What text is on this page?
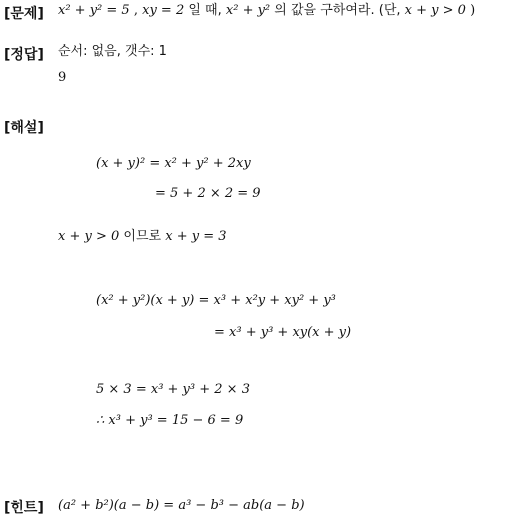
[문제] x² + y² = 5 , xy = 2 일 때, x² + y² 의 값을 구하여라. (단, x + y > 0 )
[정답] 순서: 없음, 갯수: 1
9
[해설]
(x + y)² = x² + y² + 2xy
= 5 + 2 × 2 = 9
x + y > 0 이므로 x + y = 3
(x² + y²)(x + y) = x³ + x²y + xy² + y³
= x³ + y³ + xy(x + y)
5 × 3 = x³ + y³ + 2 × 3
∴ x³ + y³ = 15 − 6 = 9
[힌트] (a² + b²)(a − b) = a³ − b³ − ab(a − b)
